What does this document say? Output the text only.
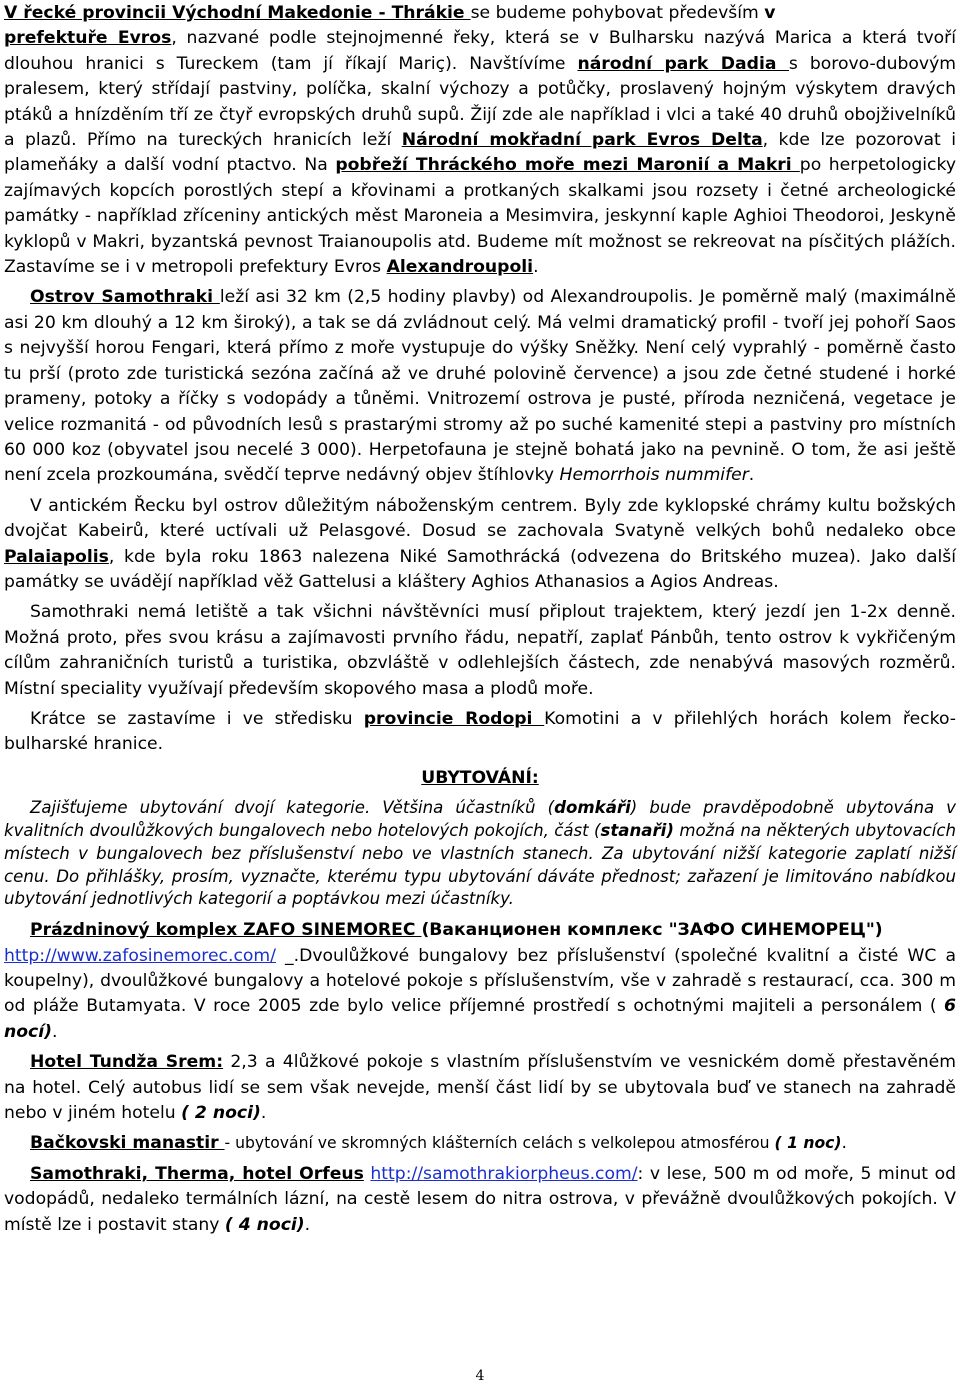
V řecké provincii Východní Makedonie - Thrákie se budeme pohybovat především v
prefektuře Evros, nazvané podle stejnojmenné řeky, která se v Bulharsku nazývá Marica a která tvoří dlouhou hranici s Tureckem (tam jí říkají Mariç). Navštívíme národní park Dadia s borovo-dubovým pralesem, který střídají pastviny, políčka, skalní výchozy a potůčky, proslavený hojným výskytem dravých ptáků a hnízděním tří ze čtyř evropských druhů supů. Žijí zde ale například i vlci a také 40 druhů obojživelníků a plazů. Přímo na tureckých hranicích leží Národní mokřadní park Evros Delta, kde lze pozorovat i plameňáky a další vodní ptactvo. Na pobřeží Thráckého moře mezi Maronií a Makri po herpetologicky zajímavých kopcích porostlých stepí a křovinami a protkaných skalkami jsou rozsety i četné archeologické památky - například zříceniny antických měst Maroneia a Mesimvira, jeskynní kaple Aghioi Theodoroi, Jeskyně kyklopů v Makri, byzantská pevnost Traianoupolis atd. Budeme mít možnost se rekreovat na písčitých plážích. Zastavíme se i v metropoli prefektury Evros Alexandroupoli.

Ostrov Samothraki leží asi 32 km (2,5 hodiny plavby) od Alexandroupolis. Je poměrně malý (maximálně asi 20 km dlouhý a 12 km široký), a tak se dá zvládnout celý. Má velmi dramatický profil - tvoří jej pohoří Saos s nejvyšší horou Fengari, která přímo z moře vystupuje do výšky Sněžky. Není celý vyprahlý - poměrně často tu prší (proto zde turistická sezóna začíná až ve druhé polovině července) a jsou zde četné studené i horké prameny, potoky a říčky s vodopády a tůněmi. Vnitrozemí ostrova je pusté, příroda nezničená, vegetace je velice rozmanitá - od původních lesů s prastarými stromy až po suché kamenité stepi a pastviny pro místních 60 000 koz (obyvatel jsou necelé 3 000). Herpetofauna je stejně bohatá jako na pevnině. O tom, že asi ještě není zcela prozkoumána, svědčí teprve nedávný objev štíhlovky Hemorrhois nummifer.

V antickém Řecku byl ostrov důležitým náboženským centrem. Byly zde kyklopské chrámy kultu božských dvojčat Kabeirů, které uctívali už Pelasgové. Dosud se zachovala Svatyně velkých bohů nedaleko obce Palaiapolis, kde byla roku 1863 nalezena Niké Samothrácká (odvezena do Britského muzea). Jako další památky se uvádějí například věž Gattelusi a kláštery Aghios Athanasios a Agios Andreas.

Samothraki nemá letiště a tak všichni návštěvníci musí připlout trajektem, který jezdí jen 1-2x denně. Možná proto, přes svou krásu a zajímavosti prvního řádu, nepatří, zaplať Pánbůh, tento ostrov k vykřičeným cílům zahraničních turistů a turistika, obzvláště v odlehlejších částech, zde nenabývá masových rozměrů. Místní speciality využívají především skopového masa a plodů moře.

Krátce se zastavíme i ve středisku provincie Rodopi Komotini a v přilehlých horách kolem řecko-bulharské hranice.

UBYTOVÁNÍ:

Zajišťujeme ubytování dvojí kategorie. Většina účastníků (domkáři) bude pravděpodobně ubytována v kvalitních dvoulůžkových bungalovech nebo hotelových pokojích, část (stanaři) možná na některých ubytovacích místech v bungalovech bez příslušenství nebo ve vlastních stanech. Za ubytování nižší kategorie zaplatí nižší cenu. Do přihlášky, prosím, vyznačte, kterému typu ubytování dáváte přednost; zařazení je limitováno nabídkou ubytování jednotlivých kategorií a poptávkou mezi účastníky.

Prázdninový komplex ZAFO SINEMOREC (Ваканционен комплекс "ЗАФО СИНЕМОРЕЦ")
http://www.zafosinemorec.com/ _.Dvoulůžkové bungalovy bez příslušenství (společné kvalitní a čisté WC a koupelny), dvoulůžkové bungalovy a hotelové pokoje s příslušenstvím, vše v zahradě s restaurací, cca. 300 m od pláže Butamyata. V roce 2005 zde bylo velice příjemné prostředí s ochotnými majiteli a personálem ( 6 nocí).

Hotel Tundža Srem: 2,3 a 4lůžkové pokoje s vlastním příslušenstvím ve vesnickém domě přestavěném na hotel. Celý autobus lidí se sem však nevejde, menší část lidí by se ubytovala buď ve stanech na zahradě nebo v jiném hotelu ( 2 noci).

Bačkovski manastir - ubytování ve skromných klášterních celách s velkolepou atmosférou ( 1 noc).

Samothraki, Therma, hotel Orfeus http://samothrakiorpheus.com/: v lese, 500 m od moře, 5 minut od vodopádů, nedaleko termálních lázní, na cestě lesem do nitra ostrova, v převážně dvoulůžkových pokojích. V místě lze i postavit stany ( 4 noci).

4
